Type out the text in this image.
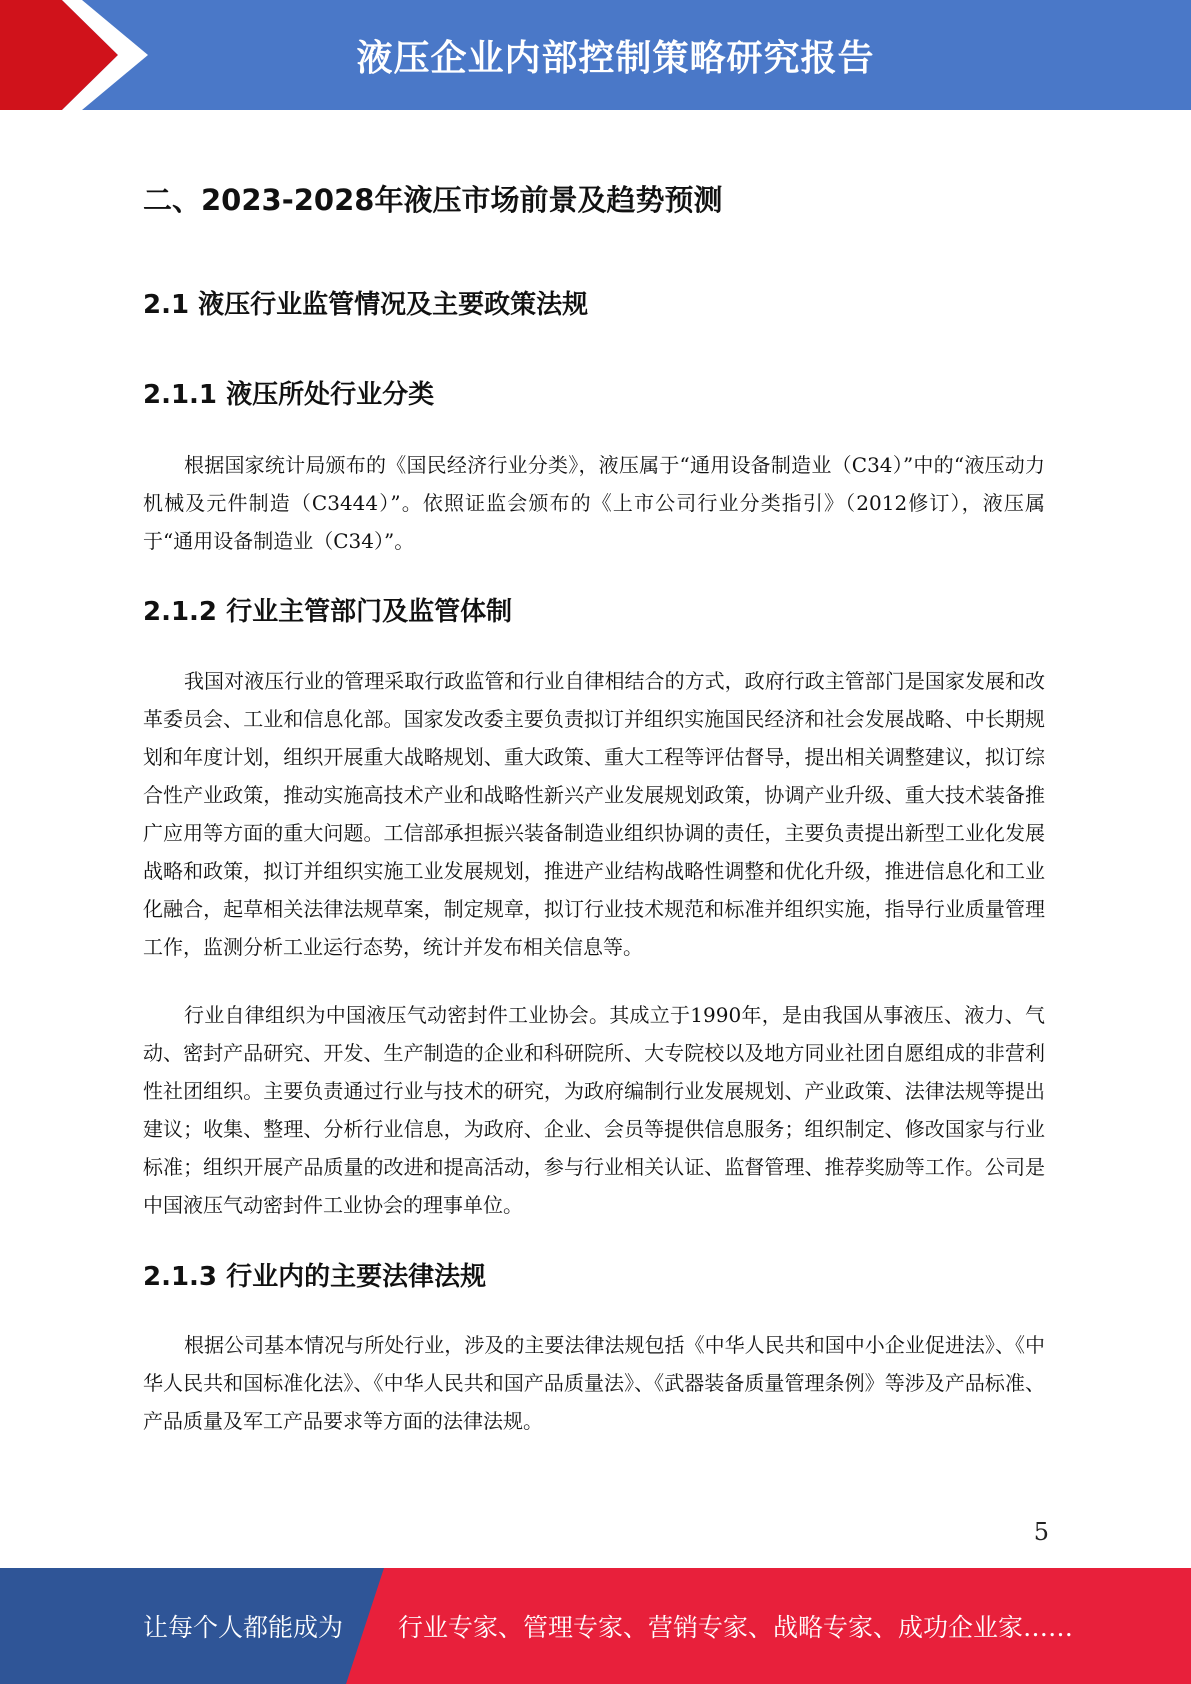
液压企业内部控制策略研究报告
二、2023-2028年液压市场前景及趋势预测
2.1 液压行业监管情况及主要政策法规
2.1.1 液压所处行业分类

根据国家统计局颁布的《国民经济行业分类》，液压属于“通用设备制造业（C34）”中的“液压动力机械及元件制造（C3444）”。依照证监会颁布的《上市公司行业分类指引》（2012修订），液压属于“通用设备制造业（C34）”。

2.1.2 行业主管部门及监管体制

我国对液压行业的管理采取行政监管和行业自律相结合的方式，政府行政主管部门是国家发展和改革委员会、工业和信息化部。国家发改委主要负责拟订并组织实施国民经济和社会发展战略、中长期规划和年度计划，组织开展重大战略规划、重大政策、重大工程等评估督导，提出相关调整建议，拟订综合性产业政策，推动实施高技术产业和战略性新兴产业发展规划政策，协调产业升级、重大技术装备推广应用等方面的重大问题。工信部承担振兴装备制造业组织协调的责任，主要负责提出新型工业化发展战略和政策，拟订并组织实施工业发展规划，推进产业结构战略性调整和优化升级，推进信息化和工业化融合，起草相关法律法规草案，制定规章，拟订行业技术规范和标准并组织实施，指导行业质量管理工作，监测分析工业运行态势，统计并发布相关信息等。

行业自律组织为中国液压气动密封件工业协会。其成立于1990年，是由我国从事液压、液力、气动、密封产品研究、开发、生产制造的企业和科研院所、大专院校以及地方同业社团自愿组成的非营利性社团组织。主要负责通过行业与技术的研究，为政府编制行业发展规划、产业政策、法律法规等提出建议；收集、整理、分析行业信息，为政府、企业、会员等提供信息服务；组织制定、修改国家与行业标准；组织开展产品质量的改进和提高活动，参与行业相关认证、监督管理、推荐奖励等工作。公司是中国液压气动密封件工业协会的理事单位。

2.1.3 行业内的主要法律法规

根据公司基本情况与所处行业，涉及的主要法律法规包括《中华人民共和国中小企业促进法》、《中华人民共和国标准化法》、《中华人民共和国产品质量法》、《武器装备质量管理条例》等涉及产品标准、产品质量及军工产品要求等方面的法律法规。

5
让每个人都能成为 行业专家、管理专家、营销专家、战略专家、成功企业家……
